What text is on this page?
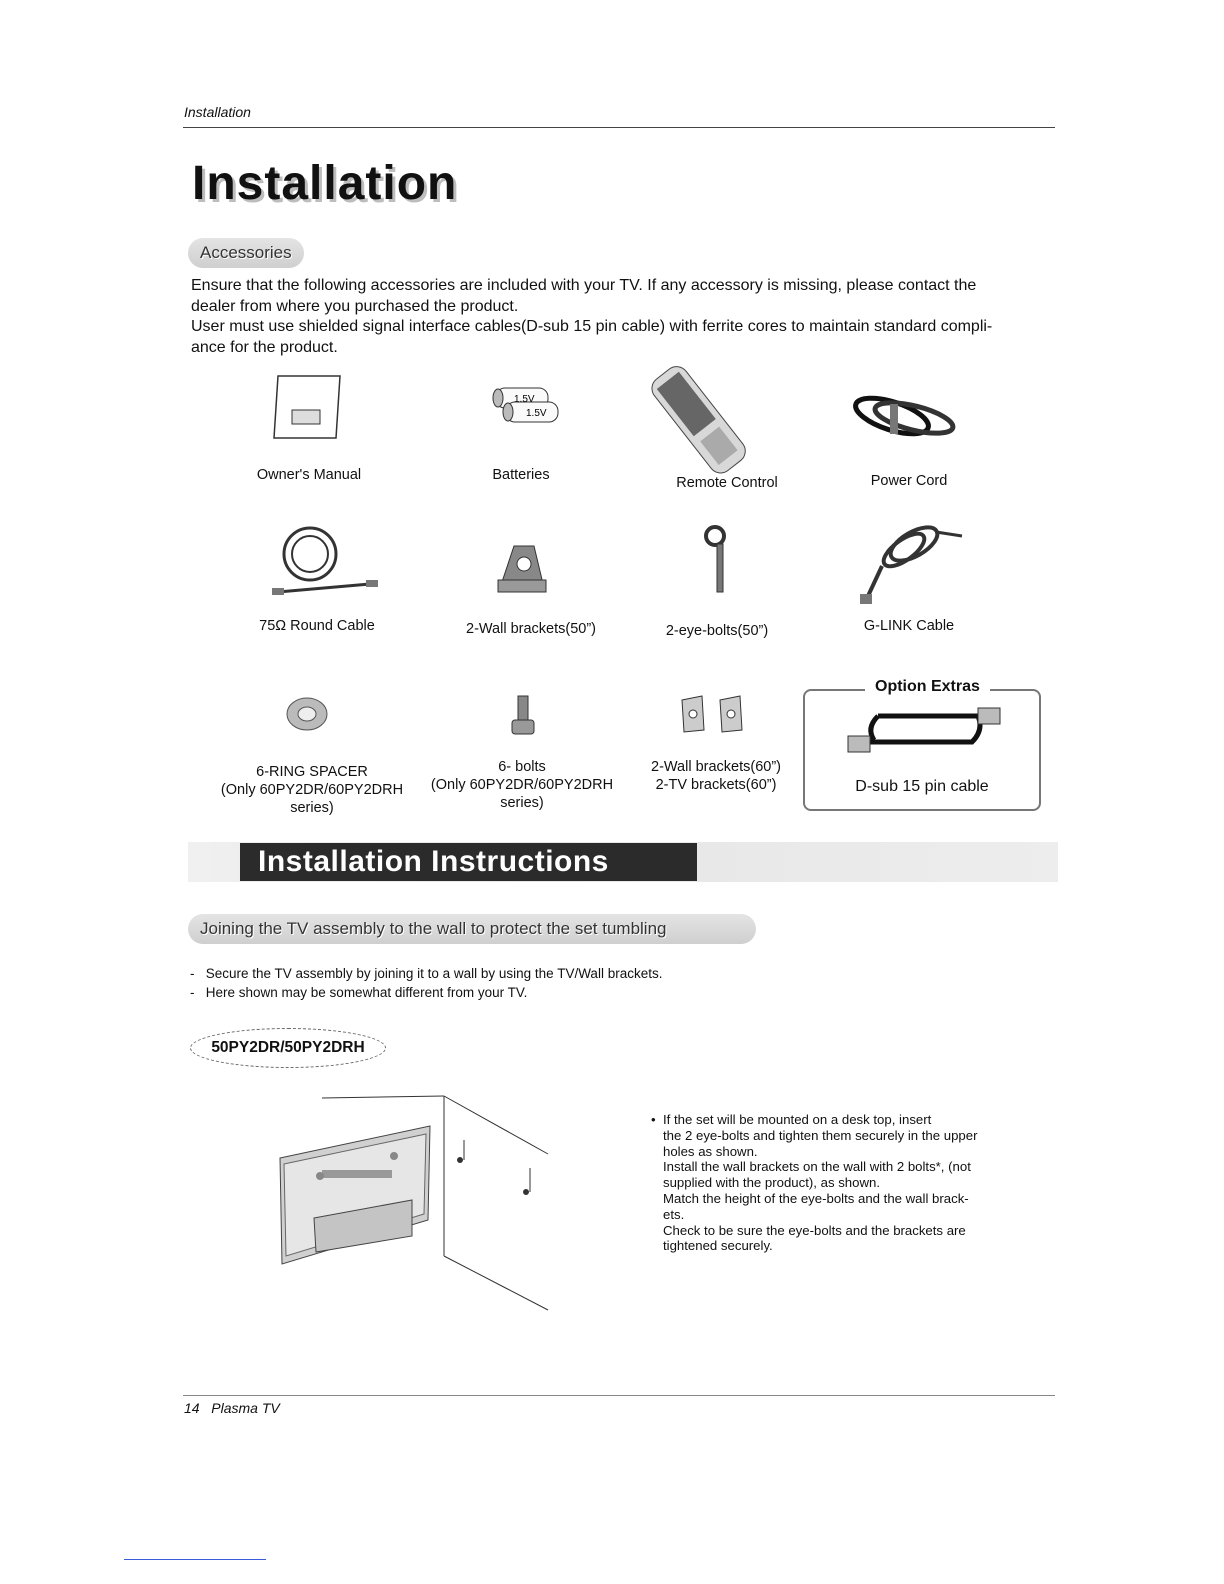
Installation
Installation
Accessories

Ensure that the following accessories are included with your TV. If any accessory is missing, please contact the

dealer from where you purchased the product.

User must use shielded signal interface cables(D-sub 15 pin cable) with ferrite cores to maintain standard compli-

ance for the product.

1.5V
1.5V
Owner's Manual	Batteries	Remote Control	Power Cord
75Ω Round Cable	2-Wall brackets(50”)	2-eye-bolts(50”)	G-LINK Cable
6-RING SPACER
(Only 60PY2DR/60PY2DRH
series)
6- bolts
(Only 60PY2DR/60PY2DRH
series)
2-Wall brackets(60”)
2-TV brackets(60”)
Option Extras
D-sub 15 pin cable
Installation Instructions
Joining the TV assembly to the wall to protect the set tumbling
-   Secure the TV assembly by joining it to a wall by using the TV/Wall brackets.
-   Here shown may be somewhat different from your TV.
50PY2DR/50PY2DRH
• If the set will be mounted on a desk top, insert
the 2 eye-bolts and tighten them securely in the upper
holes as shown.
Install the wall brackets on the wall with 2 bolts*, (not
supplied with the product), as shown.
Match the height of the eye-bolts and the wall brack-
ets.
Check to be sure the eye-bolts and the brackets are
tightened securely.
14 Plasma TV
